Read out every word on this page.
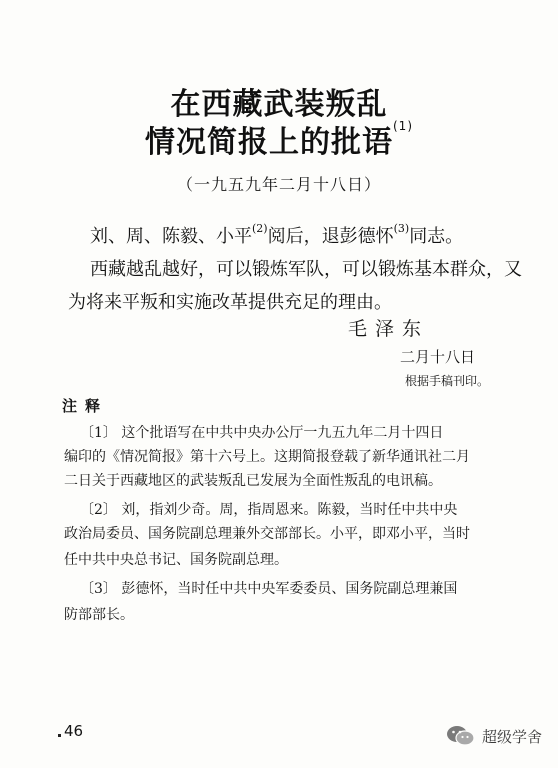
在西藏武装叛乱
情况简报上的批语$^{(1)}$
（一九五九年二月十八日）
刘、周、陈毅、小平$^{(2)}$阅后，退彭德怀$^{(3)}$同志。
西藏越乱越好，可以锻炼军队，可以锻炼基本群众，又
为将来平叛和实施改革提供充足的理由。
毛泽东
二月十八日
根据手稿刊印。
注释
〔1〕 这个批语写在中共中央办公厅一九五九年二月十四日
编印的《情况简报》第十六号上。这期简报登载了新华通讯社二月
二日关于西藏地区的武装叛乱已发展为全面性叛乱的电讯稿。
〔2〕 刘，指刘少奇。周，指周恩来。陈毅，当时任中共中央
政治局委员、国务院副总理兼外交部部长。小平，即邓小平，当时
任中共中央总书记、国务院副总理。
〔3〕 彭德怀，当时任中共中央军委委员、国务院副总理兼国
防部部长。
46	超级学舍
